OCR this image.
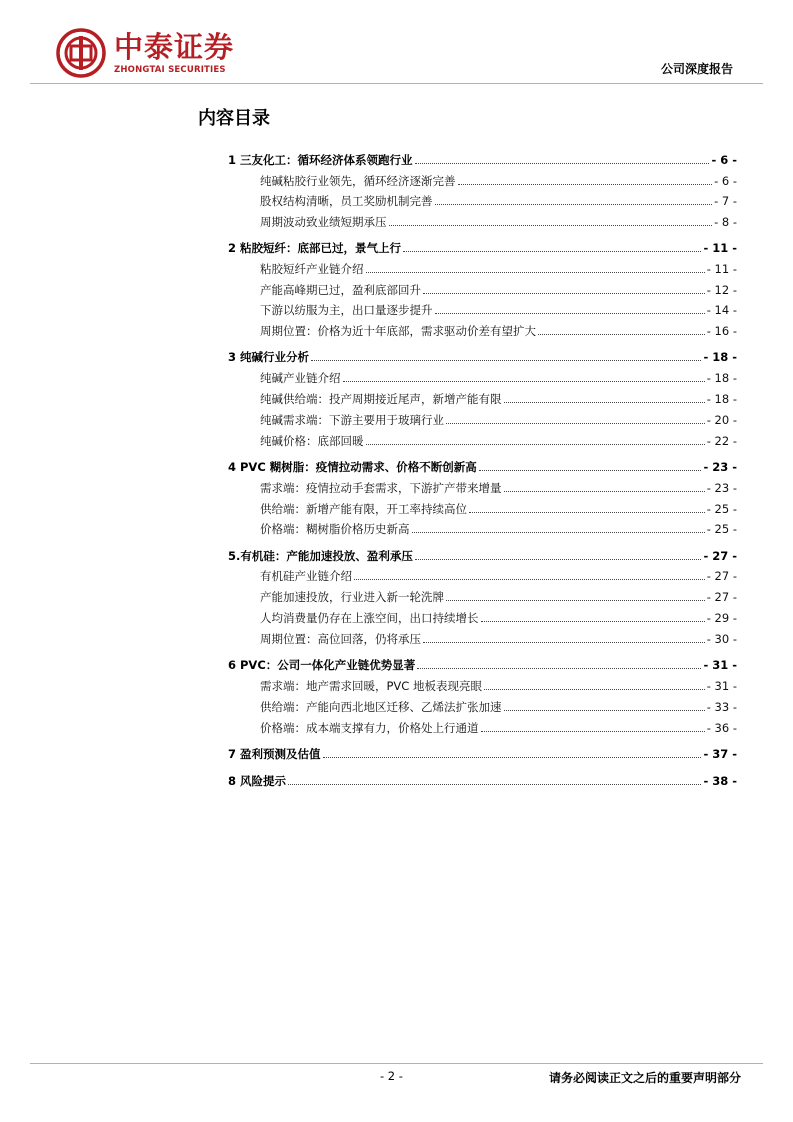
中泰证券
ZHONGTAI SECURITIES	公司深度报告
内容目录
1 三友化工：循环经济体系领跑行业	- 6 -
纯碱粘胶行业领先，循环经济逐渐完善	- 6 -
股权结构清晰，员工奖励机制完善	- 7 -
周期波动致业绩短期承压	- 8 -
2 粘胶短纤：底部已过，景气上行	- 11 -
粘胶短纤产业链介绍	- 11 -
产能高峰期已过，盈利底部回升	- 12 -
下游以纺服为主，出口量逐步提升	- 14 -
周期位置：价格为近十年底部，需求驱动价差有望扩大	- 16 -
3 纯碱行业分析	- 18 -
纯碱产业链介绍	- 18 -
纯碱供给端：投产周期接近尾声，新增产能有限	- 18 -
纯碱需求端：下游主要用于玻璃行业	- 20 -
纯碱价格：底部回暖	- 22 -
4 PVC 糊树脂：疫情拉动需求、价格不断创新高	- 23 -
需求端：疫情拉动手套需求，下游扩产带来增量	- 23 -
供给端：新增产能有限，开工率持续高位	- 25 -
价格端：糊树脂价格历史新高	- 25 -
5.有机硅：产能加速投放、盈利承压	- 27 -
有机硅产业链介绍	- 27 -
产能加速投放，行业进入新一轮洗牌	- 27 -
人均消费量仍存在上涨空间，出口持续增长	- 29 -
周期位置：高位回落，仍将承压	- 30 -
6 PVC：公司一体化产业链优势显著	- 31 -
需求端：地产需求回暖，PVC 地板表现亮眼	- 31 -
供给端：产能向西北地区迁移、乙烯法扩张加速	- 33 -
价格端：成本端支撑有力，价格处上行通道	- 36 -
7 盈利预测及估值	- 37 -
8 风险提示	- 38 -
- 2 -	请务必阅读正文之后的重要声明部分
